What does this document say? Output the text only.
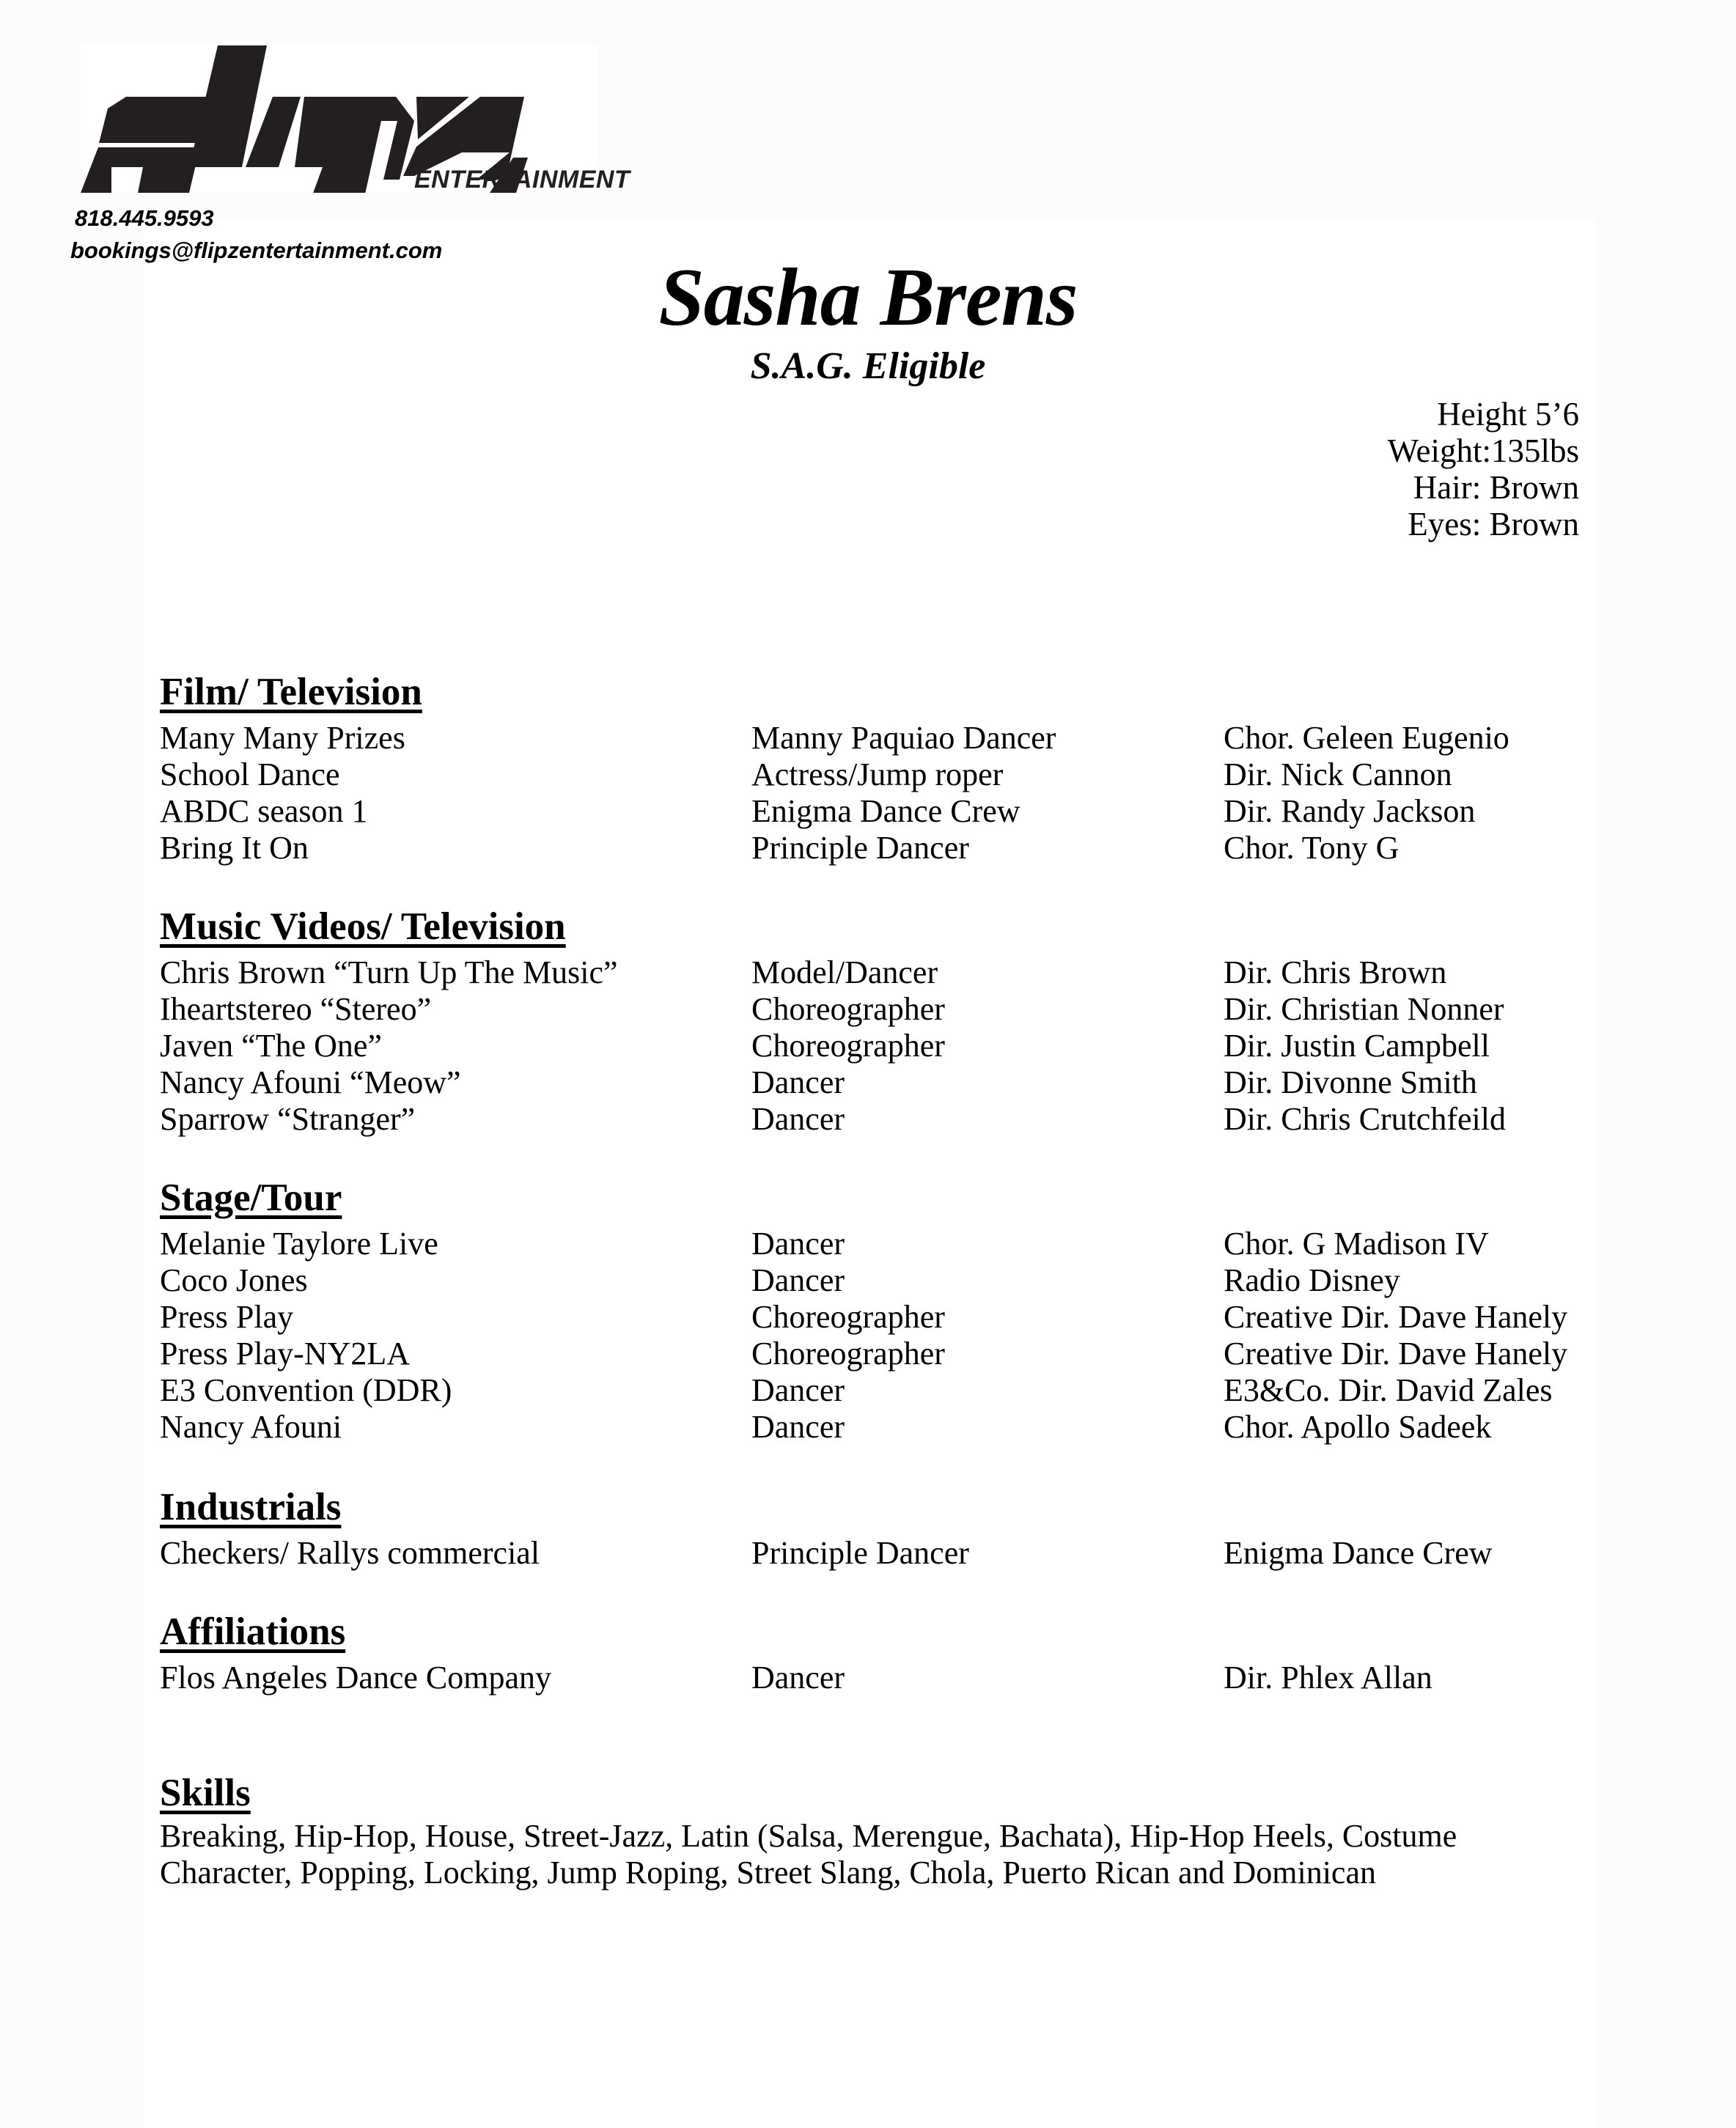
ENTERTAINMENT
818.445.9593
bookings@flipzentertainment.com
Sasha Brens
S.A.G. Eligible
Height 5’6
Weight:135lbs
Hair: Brown
Eyes: Brown
Film/ Television
Many Many Prizes	Manny Paquiao Dancer	Chor. Geleen Eugenio
School Dance	Actress/Jump roper	Dir. Nick Cannon
ABDC season 1	Enigma Dance Crew	Dir. Randy Jackson
Bring It On	Principle Dancer	Chor. Tony G
Music Videos/ Television
Chris Brown “Turn Up The Music”	Model/Dancer	Dir. Chris Brown
Iheartstereo “Stereo”	Choreographer	Dir. Christian Nonner
Javen “The One”	Choreographer	Dir. Justin Campbell
Nancy Afouni “Meow”	Dancer	Dir. Divonne Smith
Sparrow “Stranger”	Dancer	Dir. Chris Crutchfeild
Stage/Tour
Melanie Taylore Live	Dancer	Chor. G Madison IV
Coco Jones	Dancer	Radio Disney
Press Play	Choreographer	Creative Dir. Dave Hanely
Press Play-NY2LA	Choreographer	Creative Dir. Dave Hanely
E3 Convention (DDR)	Dancer	E3&Co. Dir. David Zales
Nancy Afouni	Dancer	Chor. Apollo Sadeek
Industrials
Checkers/ Rallys commercial	Principle Dancer	Enigma Dance Crew
Affiliations
Flos Angeles Dance Company	Dancer	Dir. Phlex Allan
Skills
Breaking, Hip-Hop, House, Street-Jazz, Latin (Salsa, Merengue, Bachata), Hip-Hop Heels, Costume
Character, Popping, Locking, Jump Roping, Street Slang, Chola, Puerto Rican and Dominican
